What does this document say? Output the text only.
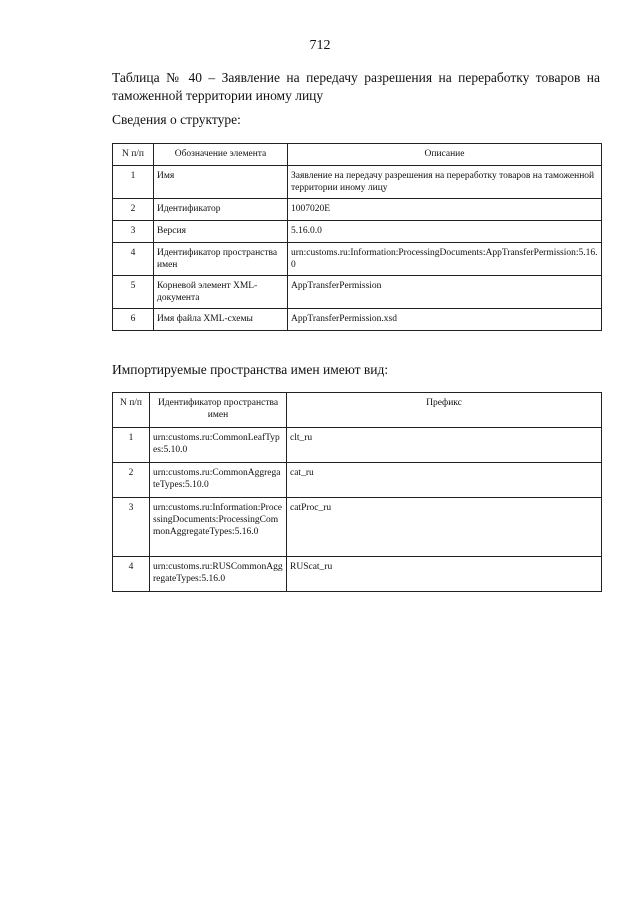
712
Таблица № 40 – Заявление на передачу разрешения на переработку товаров на таможенной территории иному лицу
Сведения о структуре:
N п/п	Обозначение элемента	Описание
1	Имя	Заявление на передачу разрешения на переработку товаров на таможенной территории иному лицу
2	Идентификатор	1007020E
3	Версия	5.16.0.0
4	Идентификатор пространства имен	urn:customs.ru:Information:ProcessingDocuments:AppTransferPermission:5.16.0
5	Корневой элемент XML-документа	AppTransferPermission
6	Имя файла XML-схемы	AppTransferPermission.xsd
Импортируемые пространства имен имеют вид:
N п/п	Идентификатор пространства имен	Префикс
1	urn:customs.ru:CommonLeafTypes:5.10.0	clt_ru
2	urn:customs.ru:CommonAggregateTypes:5.10.0	cat_ru
3	urn:customs.ru:Information:ProcessingDocuments:ProcessingCommonAggregateTypes:5.16.0	catProc_ru
4	urn:customs.ru:RUSCommonAggregateTypes:5.16.0	RUScat_ru
